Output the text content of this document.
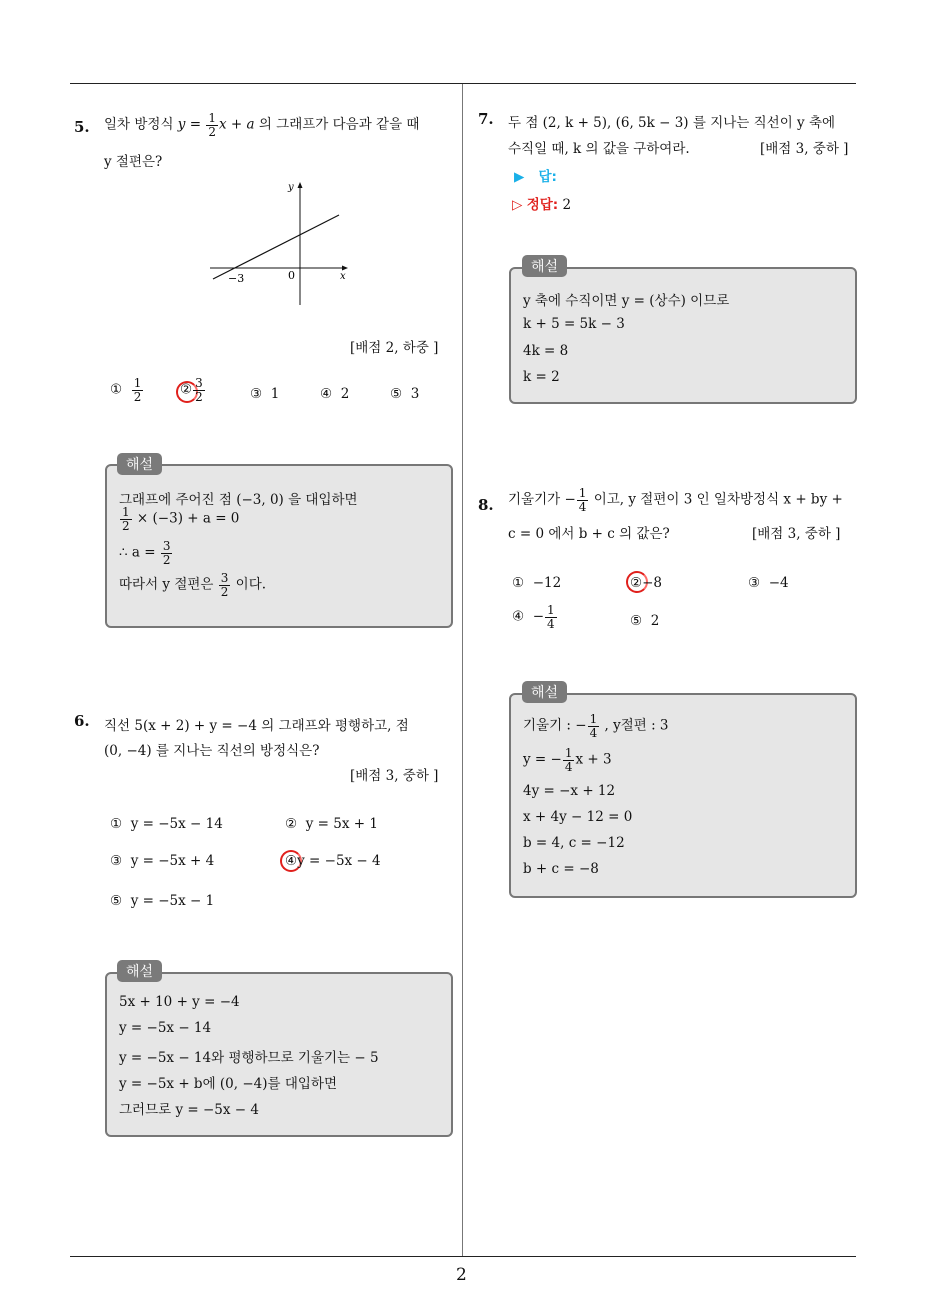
2
5. 일차 방정식 $y = \frac{1}{2}$ x + a 의 그래프가 다음과 같을 때
y 절편은?
y
x
0
−3
[배점 2, 하중 ]
① $\frac{1}{2}$	② $\frac{3}{2}$	③ 1	④ 2	⑤ 3
그래프에 주어진 점 (−3, 0) 을 대입하면
$\frac{1}{2} \times (-3) + a = 0$
∴ $a = \frac{3}{2}$
따라서 y 절편은 $\frac{3}{2}$ 이다.
해설
6. 직선 5(x + 2) + y = −4 의 그래프와 평행하고, 점
(0, −4) 를 지나는 직선의 방정식은?
[배점 3, 중하 ]
① y = −5x − 14	② y = 5x + 1
③ y = −5x + 4	④y = −5x − 4
⑤ y = −5x − 1
5x + 10 + y = −4
y = −5x − 14
y = −5x − 14와 평행하므로 기울기는 − 5
y = −5x + b에 (0, −4)를 대입하면
그러므로 y = −5x − 4
해설
7. 두 점 (2, k + 5), (6, 5k − 3) 를 지나는 직선이 y 축에
수직일 때, k 의 값을 구하여라.	[배점 3, 중하 ]
▶ 답:
▷ 정답: 2
y 축에 수직이면 y = (상수) 이므로
k + 5 = 5k − 3
4k = 8
k = 2
해설
8. 기울기가 − $\frac{1}{4}$ 이고, y 절편이 3 인 일차방정식 x + by +
c = 0 에서 b + c 의 값은?	[배점 3, 중하 ]
① −12	②−8	③ −4
④ − $\frac{1}{4}$	⑤ 2
기울기 : − $\frac{1}{4}$ , y절편 : 3
y = − $\frac{1}{4}$ x + 3
4y = −x + 12
x + 4y − 12 = 0
b = 4, c = −12
b + c = −8
해설
